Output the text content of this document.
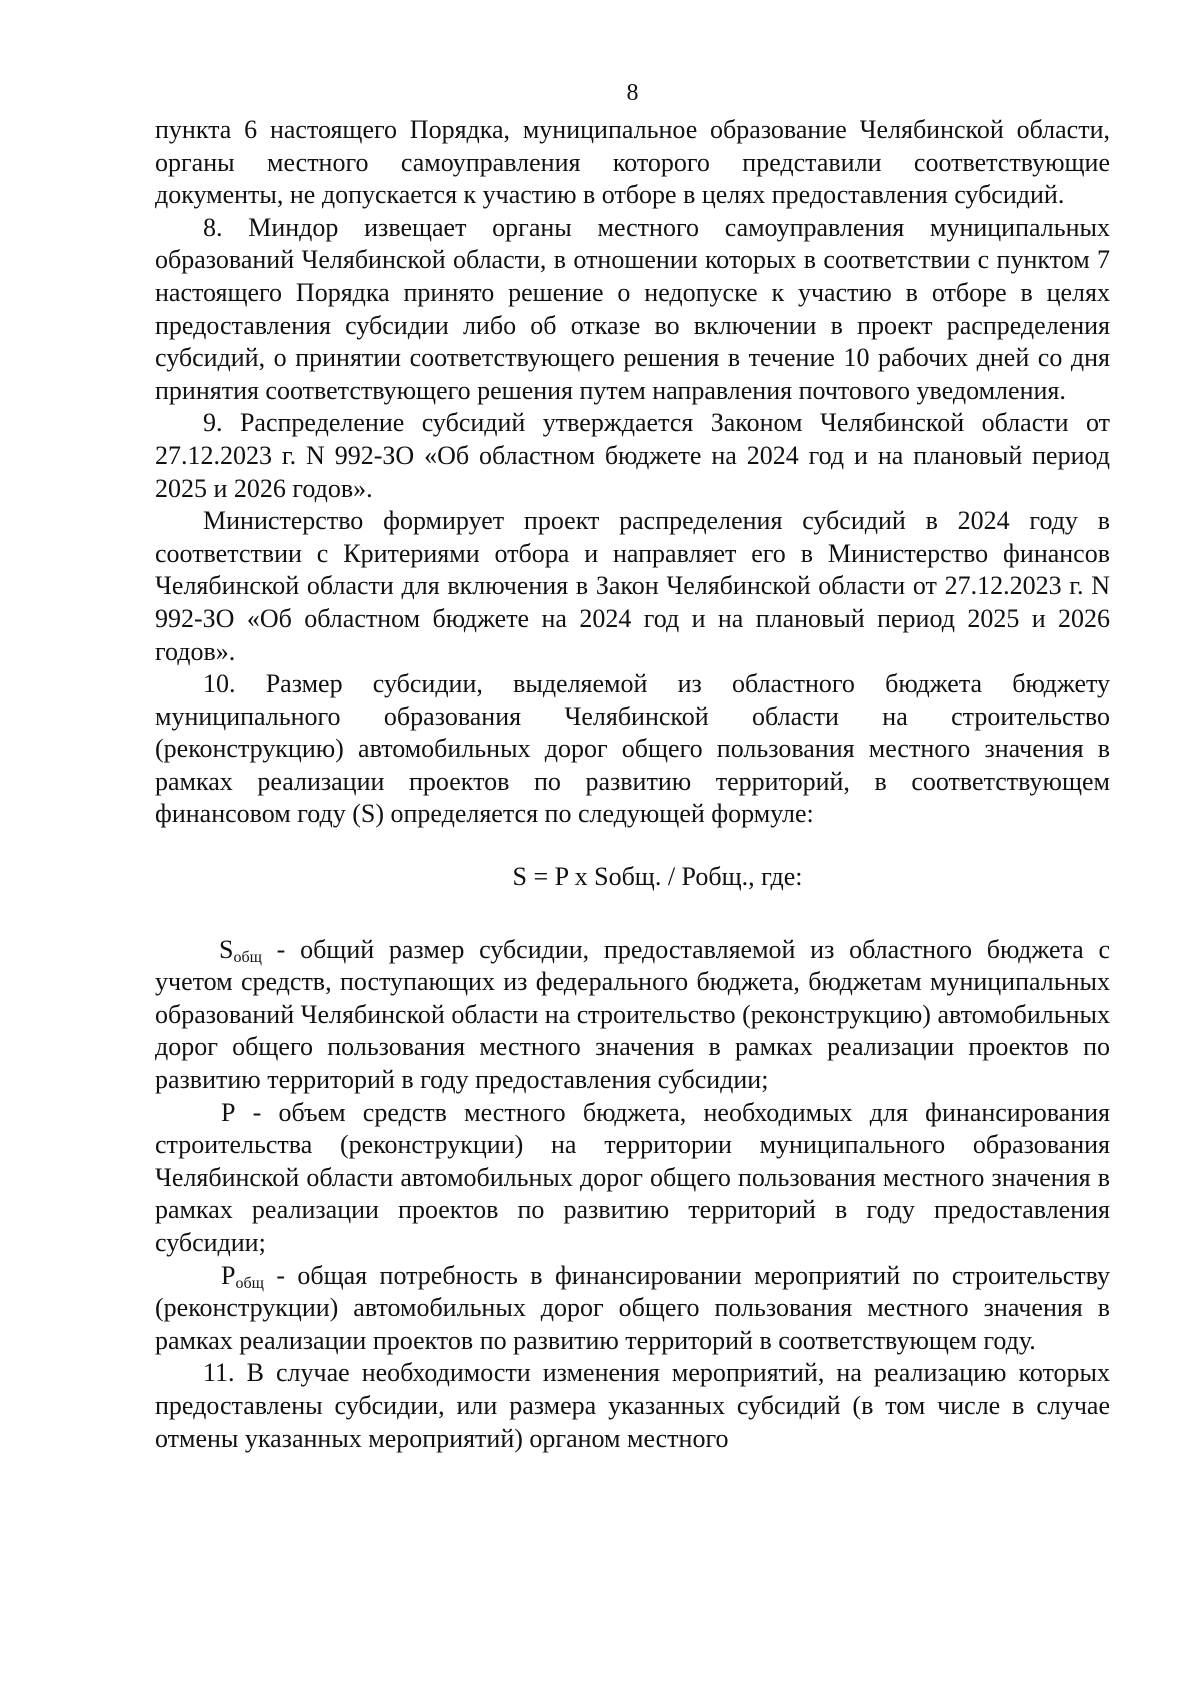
8

пункта 6 настоящего Порядка, муниципальное образование Челябинской области, органы местного самоуправления которого представили соответствующие документы, не допускается к участию в отборе в целях предоставления субсидий.

8. Миндор извещает органы местного самоуправления муниципальных образований Челябинской области, в отношении которых в соответствии с пунктом 7 настоящего Порядка принято решение о недопуске к участию в отборе в целях предоставления субсидии либо об отказе во включении в проект распределения субсидий, о принятии соответствующего решения в течение 10 рабочих дней со дня принятия соответствующего решения путем направления почтового уведомления.

9. Распределение субсидий утверждается Законом Челябинской области от 27.12.2023 г. N 992-ЗО «Об областном бюджете на 2024 год и на плановый период 2025 и 2026 годов».

Министерство формирует проект распределения субсидий в 2024 году в соответствии с Критериями отбора и направляет его в Министерство финансов Челябинской области для включения в Закон Челябинской области от 27.12.2023 г. N 992-ЗО «Об областном бюджете на 2024 год и на плановый период 2025 и 2026 годов».

10. Размер субсидии, выделяемой из областного бюджета бюджету муниципального образования Челябинской области на строительство (реконструкцию) автомобильных дорог общего пользования местного значения в рамках реализации проектов по развитию территорий, в соответствующем финансовом году (S) определяется по следующей формуле:

S = P x Sобщ. / Робщ., где:

$S_{общ}$ - общий размер субсидии, предоставляемой из областного бюджета с учетом средств, поступающих из федерального бюджета, бюджетам муниципальных образований Челябинской области на строительство (реконструкцию) автомобильных дорог общего пользования местного значения в рамках реализации проектов по развитию территорий в году предоставления субсидии;

Р - объем средств местного бюджета, необходимых для финансирования строительства (реконструкции) на территории муниципального образования Челябинской области автомобильных дорог общего пользования местного значения в рамках реализации проектов по развитию территорий в году предоставления субсидии;

$Р_{общ}$ - общая потребность в финансировании мероприятий по строительству (реконструкции) автомобильных дорог общего пользования местного значения в рамках реализации проектов по развитию территорий в соответствующем году.

11. В случае необходимости изменения мероприятий, на реализацию которых предоставлены субсидии, или размера указанных субсидий (в том числе в случае отмены указанных мероприятий) органом местного
